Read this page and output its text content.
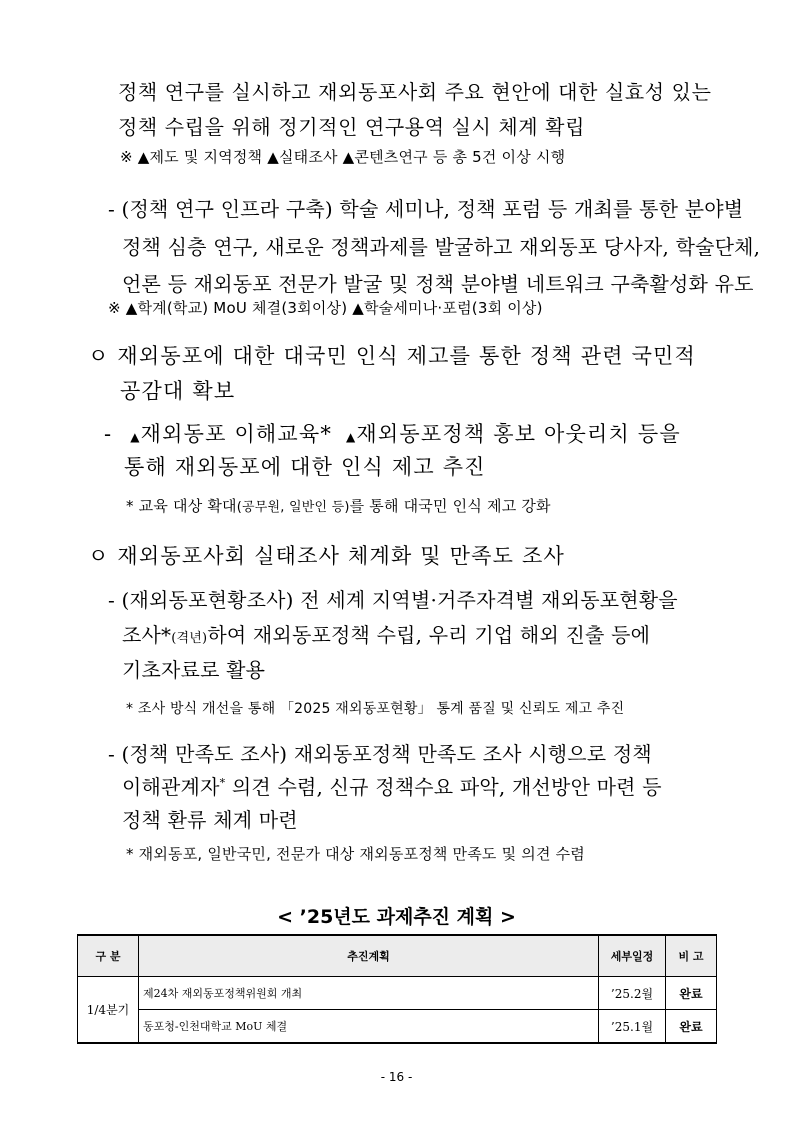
정책 연구를 실시하고 재외동포사회 주요 현안에 대한 실효성 있는
정책 수립을 위해 정기적인 연구용역 실시 체계 확립
※ ▲제도 및 지역정책 ▲실태조사 ▲콘텐츠연구 등 총 5건 이상 시행
- (정책 연구 인프라 구축) 학술 세미나, 정책 포럼 등 개최를 통한 분야별
정책 심층 연구, 새로운 정책과제를 발굴하고 재외동포 당사자, 학술단체,
언론 등 재외동포 전문가 발굴 및 정책 분야별 네트워크 구축활성화 유도
※ ▲학계(학교) MoU 체결(3회이상) ▲학술세미나·포럼(3회 이상)
ㅇ 재외동포에 대한 대국민 인식 제고를 통한 정책 관련 국민적
공감대 확보
- ▲재외동포 이해교육* ▲재외동포정책 홍보 아웃리치 등을
통해 재외동포에 대한 인식 제고 추진
* 교육 대상 확대(공무원, 일반인 등)를 통해 대국민 인식 제고 강화
ㅇ 재외동포사회 실태조사 체계화 및 만족도 조사
- (재외동포현황조사) 전 세계 지역별·거주자격별 재외동포현황을
조사*(격년)하여 재외동포정책 수립, 우리 기업 해외 진출 등에
기초자료로 활용
* 조사 방식 개선을 통해 「2025 재외동포현황」 통계 품질 및 신뢰도 제고 추진
- (정책 만족도 조사) 재외동포정책 만족도 조사 시행으로 정책
이해관계자* 의견 수렴, 신규 정책수요 파악, 개선방안 마련 등
정책 환류 체계 마련
* 재외동포, 일반국민, 전문가 대상 재외동포정책 만족도 및 의견 수렴
< ’25년도 과제추진 계획 >
구 분	추진계획	세부일정	비 고
1/4분기	제24차 재외동포정책위원회 개최	’25.2월	완료
	동포청-인천대학교 MoU 체결	’25.1월	완료
- 16 -
